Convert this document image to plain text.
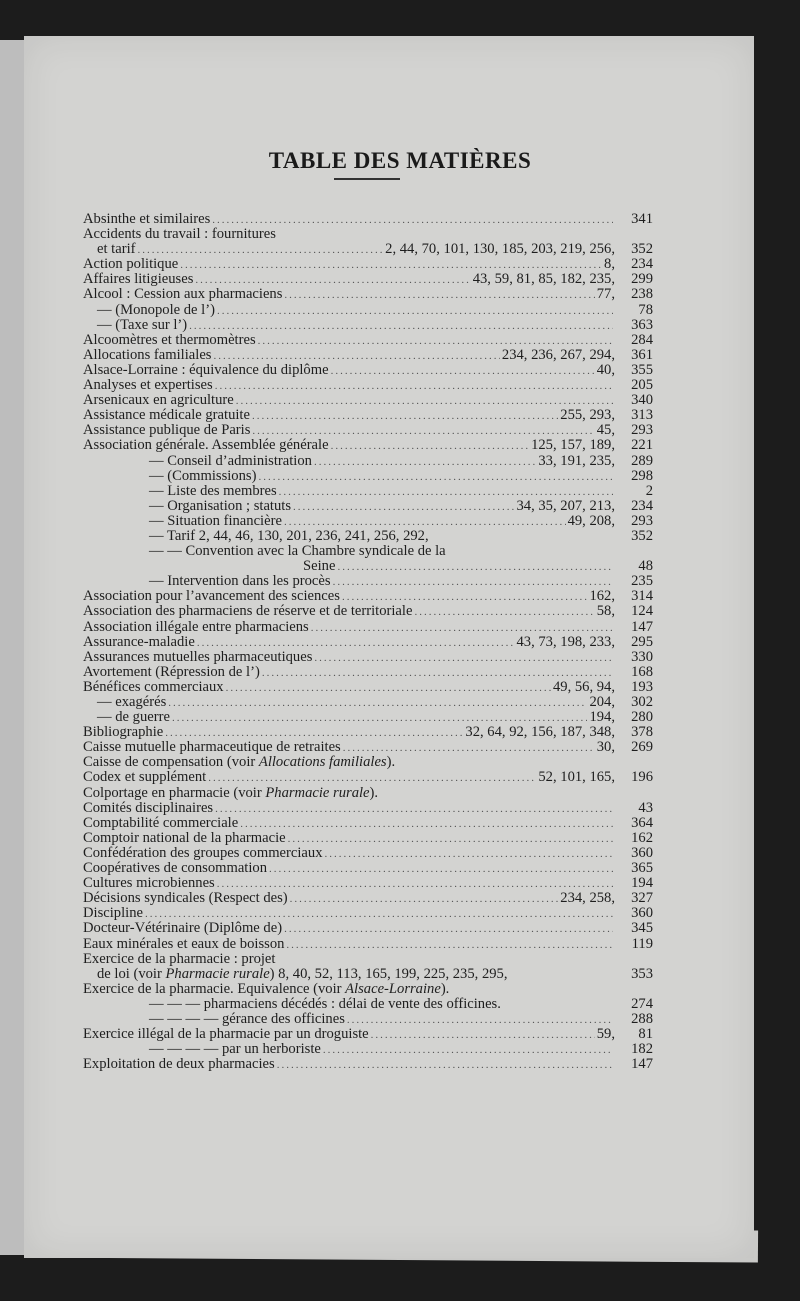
TABLE DES MATIÈRES
Absinthe et similaires .....	341
Accidents du travail : fournitures
et tarif .....	2, 44, 70, 101, 130, 185, 203, 219, 256,	352
Action politique .....	8,	234
Affaires litigieuses .....	43, 59, 81, 85, 182, 235,	299
Alcool : Cession aux pharmaciens .....	77,	238
— (Monopole de l’) .....	78
— (Taxe sur l’) .....	363
Alcoomètres et thermomètres .....	284
Allocations familiales .....	234, 236, 267, 294,	361
Alsace-Lorraine : équivalence du diplôme .....	40,	355
Analyses et expertises .....	205
Arsenicaux en agriculture .....	340
Assistance médicale gratuite .....	255, 293,	313
Assistance publique de Paris .....	45,	293
Association générale. Assemblée générale .....	125, 157, 189,	221
— Conseil d’administration .....	33, 191, 235,	289
— (Commissions) .....	298
— Liste des membres .....	2
— Organisation ; statuts .....	34, 35, 207, 213,	234
— Situation financière .....	49, 208,	293
— Tarif 2, 44, 46, 130, 201, 236, 241, 256, 292,	352
— — Convention avec la Chambre syndicale de la
Seine .....	48
— Intervention dans les procès .....	235
Association pour l’avancement des sciences .....	162,	314
Association des pharmaciens de réserve et de territoriale .....	58,	124
Association illégale entre pharmaciens .....	147
Assurance-maladie .....	43, 73, 198, 233,	295
Assurances mutuelles pharmaceutiques .....	330
Avortement (Répression de l’) .....	168
Bénéfices commerciaux .....	49, 56, 94,	193
— exagérés .....	204,	302
— de guerre .....	194,	280
Bibliographie .....	32, 64, 92, 156, 187, 348,	378
Caisse mutuelle pharmaceutique de retraites .....	30,	269
Caisse de compensation (voir Allocations familiales).
Codex et supplément .....	52, 101, 165,	196
Colportage en pharmacie (voir Pharmacie rurale).
Comités disciplinaires .....	43
Comptabilité commerciale .....	364
Comptoir national de la pharmacie .....	162
Confédération des groupes commerciaux .....	360
Coopératives de consommation .....	365
Cultures microbiennes .....	194
Décisions syndicales (Respect des) .....	234, 258,	327
Discipline .....	360
Docteur-Vétérinaire (Diplôme de) .....	345
Eaux minérales et eaux de boisson .....	119
Exercice de la pharmacie : projet
de loi (voir Pharmacie rurale) 8, 40, 52, 113, 165, 199, 225, 235, 295,	353
Exercice de la pharmacie. Equivalence (voir Alsace-Lorraine).
— — — pharmaciens décédés : délai de vente des officines.	274
— — — — gérance des officines .....	288
Exercice illégal de la pharmacie par un droguiste .....	59,	81
— — — — par un herboriste .....	182
Exploitation de deux pharmacies .....	147
